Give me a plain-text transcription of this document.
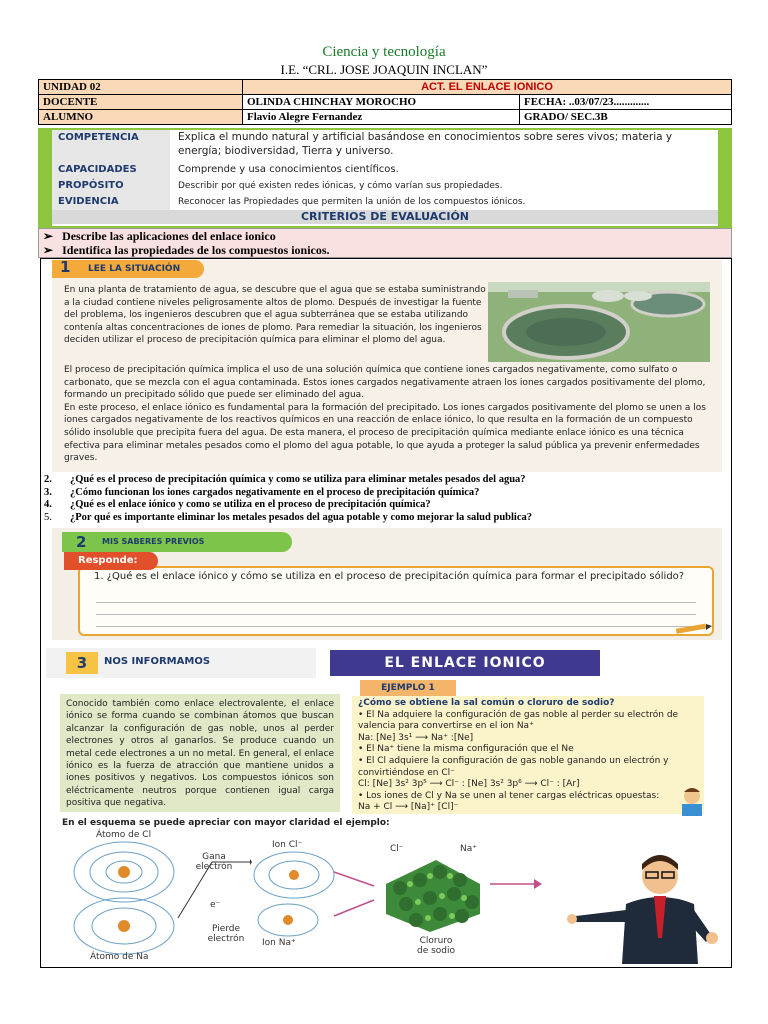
Ciencia y tecnología
I.E. “CRL. JOSE JOAQUIN INCLAN”
UNIDAD 02	ACT. EL ENLACE IONICO	
DOCENTE	OLINDA CHINCHAY MOROCHO	FECHA: ..03/07/23.............
ALUMNO	Flavio Alegre Fernandez	GRADO/ SEC.3B
COMPETENCIA	Explica el mundo natural y artificial basándose en conocimientos sobre seres vivos; materia y energía; biodiversidad, Tierra y universo.
CAPACIDADES	Comprende y usa conocimientos científicos.
PROPÓSITO	Describir por qué existen redes iónicas, y cómo varían sus propiedades.
EVIDENCIA	Reconocer las Propiedades que permiten la unión de los compuestos iónicos.
CRITERIOS DE EVALUACIÓN
➢   Describe las aplicaciones del enlace ionico
➢   Identifica las propiedades de los compuestos ionicos.
1 LEE LA SITUACIÓN
En una planta de tratamiento de agua, se descubre que el agua que se estaba suministrando a la ciudad contiene niveles peligrosamente altos de plomo. Después de investigar la fuente del problema, los ingenieros descubren que el agua subterránea que se estaba utilizando contenía altas concentraciones de iones de plomo. Para remediar la situación, los ingenieros deciden utilizar el proceso de precipitación química para eliminar el plomo del agua.
El proceso de precipitación química implica el uso de una solución química que contiene iones cargados negativamente, como sulfato o carbonato, que se mezcla con el agua contaminada. Estos iones cargados negativamente atraen los iones cargados positivamente del plomo, formando un precipitado sólido que puede ser eliminado del agua.
En este proceso, el enlace iónico es fundamental para la formación del precipitado. Los iones cargados positivamente del plomo se unen a los iones cargados negativamente de los reactivos químicos en una reacción de enlace iónico, lo que resulta en la formación de un compuesto sólido insoluble que precipita fuera del agua. De esta manera, el proceso de precipitación química mediante enlace iónico es una técnica efectiva para eliminar metales pesados como el plomo del agua potable, lo que ayuda a proteger la salud pública ya prevenir enfermedades graves.
2. ¿Qué es el proceso de precipitación química y como se utiliza para eliminar metales pesados del agua?
3. ¿Cómo funcionan los iones cargados negativamente en el proceso de precipitación química?
4. ¿Qué es el enlace iónico y como se utiliza en el proceso de precipitación química?
5. ¿Por qué es importante eliminar los metales pesados del agua potable y como mejorar la salud publica?
2 MIS SABERES PREVIOS
1. ¿Qué es el enlace iónico y cómo se utiliza en el proceso de precipitación química para formar el precipitado sólido?
Responde:
3	NOS INFORMAMOS	EL ENLACE IONICO
Conocido también como enlace electrovalente, el enlace iónico se forma cuando se combinan átomos que buscan alcanzar la configuración de gas noble, unos al perder electrones y otros al ganarlos. Se produce cuando un metal cede electrones a un no metal. En general, el enlace iónico es la fuerza de atracción que mantiene unidos a iones positivos y negativos. Los compuestos iónicos son eléctricamente neutros porque contienen igual carga positiva que negativa.
EJEMPLO 1
¿Cómo se obtiene la sal común o cloruro de sodio?
• El Na adquiere la configuración de gas noble al perder su electrón de valencia para convertirse en el ion Na⁺
Na: [Ne] 3s¹ ⟶ Na⁺ :[Ne]
• El Na⁺ tiene la misma configuración que el Ne
• El Cl adquiere la configuración de gas noble ganando un electrón y convirtiéndose en Cl⁻
Cl: [Ne] 3s² 3p⁵ ⟶ Cl⁻ : [Ne] 3s² 3p⁶ ⟶ Cl⁻ : [Ar]
• Los iones de Cl y Na se unen al tener cargas eléctricas opuestas:
Na + Cl ⟶ [Na]⁺ [Cl]⁻
En el esquema se puede apreciar con mayor claridad el ejemplo:
Átomo de Cl
Gana electrón
Ion Cl⁻
e⁻
Pierde electrón
Átomo de Na
Ion Na⁺
Cl⁻	Na⁺
Cloruro de sodio
